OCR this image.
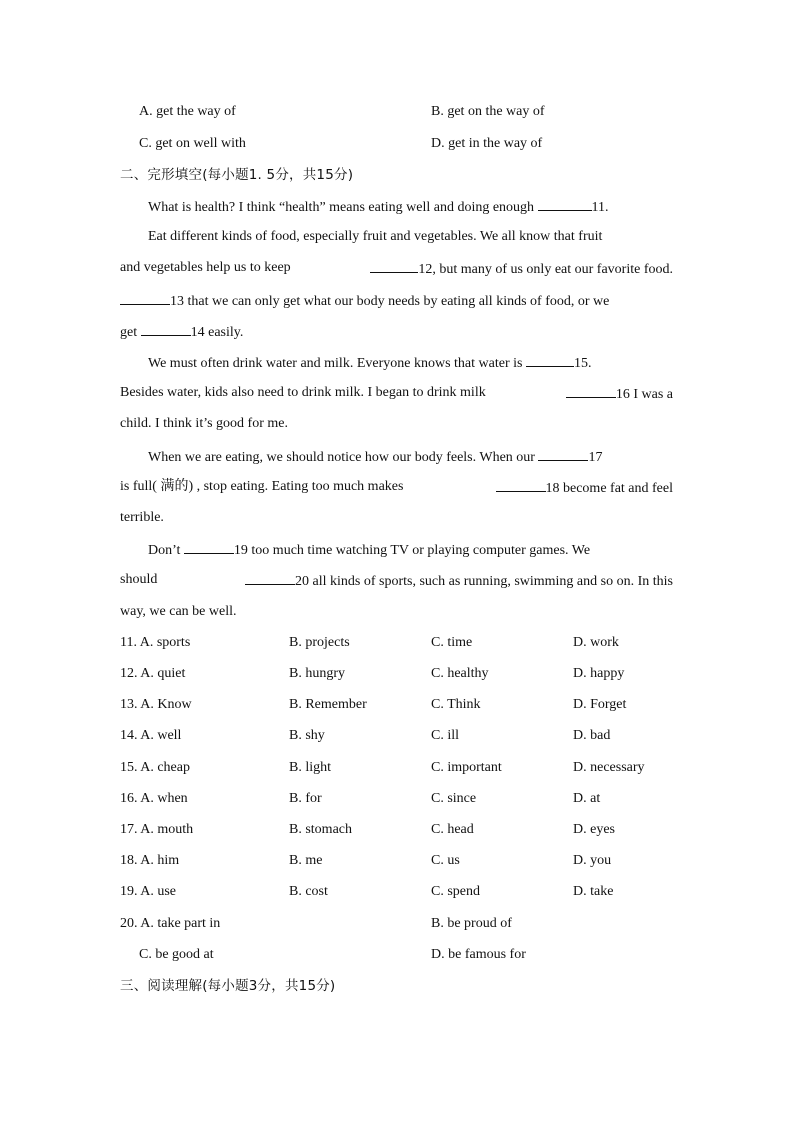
A. get the way of	B. get on the way of
C. get on well with	D. get in the way of
二、完形填空(每小题1. 5分，共15分)
What is health? I think “health” means eating well and doing enough	11.
Eat different kinds of food, especially fruit and vegetables. We all know that fruit
and vegetables help us to keep	12, but many of us only eat our favorite food.
13 that we can only get what our body needs by eating all kinds of food, or we
get	14 easily.
We must often drink water and milk. Everyone knows that water is	15.
Besides water, kids also need to drink milk. I began to drink milk	16 I was a
child. I think it’s good for me.
When we are eating, we should notice how our body feels. When our	17
is full( 满的) , stop eating. Eating too much makes	18 become fat and feel
terrible.
Don’t	19 too much time watching TV or playing computer games. We
should	20 all kinds of sports, such as running, swimming and so on. In this
way, we can be well.
11. A. sports	B. projects	C. time	D. work
12. A. quiet	B. hungry	C. healthy	D. happy
13. A. Know	B. Remember	C. Think	D. Forget
14. A. well	B. shy	C. ill	D. bad
15. A. cheap	B. light	C. important	D. necessary
16. A. when	B. for	C. since	D. at
17. A. mouth	B. stomach	C. head	D. eyes
18. A. him	B. me	C. us	D. you
19. A. use	B. cost	C. spend	D. take
20. A. take part in	B. be proud of
C. be good at	D. be famous for
三、阅读理解(每小题3分，共15分)
